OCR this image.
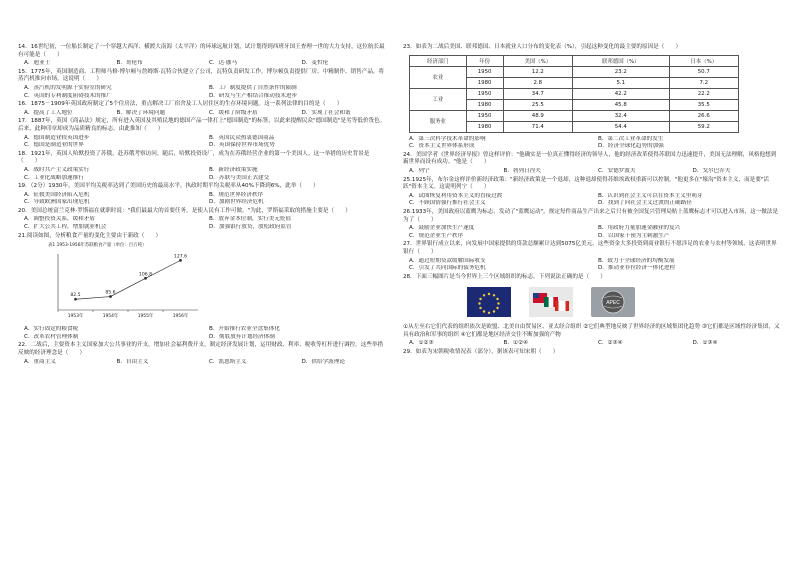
14．16世纪初，一位船长制定了一个穿越大西洋、横渡大南海（太平洋）的环球远航计划，试计划得到西班牙国王查理一世的大力支持，这位航长最有可能是（　　）
A．迪亚士	B．哥伦布	C．达·伽马	D．麦哲伦
15．1775年，英国制造商、工程师马修·博尔顿与詹姆斯·瓦特合伙建立了公司，瓦特负责研发工作，博尔顿负责提供厂房、中精制作、销售产品，将蒸汽机推向市场。这说明（　　）
A．蒸汽机的发明源于实验室的研究	B．工厂制度提供了自然条件的限制
C．英国的专利制度阻碍技术的推广	D．研发与生产相结合推动技术进步
16．1875－1909年英国政府制定了5个住房法，重点解决工厂宿舍及工人居住区的生存环境问题。这一系列法律的目的是（　　）
A．提高了工人地位	B．解决了环境问题	C．缓和了阶级矛盾	D．实现了社会和谐
17．1887年，英国《商品法》规定，所有进入英国及其殖民地的德国产品一律打上"德国制造"的标签，以此来提醒民众"德国制造"是劣等低价货色。后来，此种印章却成为品质精良的标志。由此推知（　　）
A．德国制造业较英国进步	B．英国民众热衷德国商品
C．德国是制造业的世界	D．英国保持世界市场优势
18．1921年，英国人哈默投资了苏俄，赴苏俄考察访问。随后，哈默投资设厂，成为在苏俄经营企业的第一个美国人。这一举措的历史背景是（　　）
A．战时共产主义政策实行	B．新经济政策实施
C．工业化战略加速推行	D．苏联与美国正式建交
19．（2分）1930年，美国平均关税率达到了美国历史的最高水平，执政时期平均关税率从40%下降到6%，此举（　　）
A．征救美国经济陷入危机	B．规范世界经济秩序
C．导致欧洲国家出现危机	D．加剧世界经济危机
20．美国总统富兰克林·罗斯福在就职时说："我们最最大的首要任务，是使人民有工作可做。"为此，罗斯福采取的措施主要是（　　）
A．调整投资关系，缓和矛盾	B．放弃金本位制，实行美元贬值
C．扩大公共工程，增加就业机会	D．加强银行放贷，放松政府监管
21.阅读如图，分析粮食产量的变化主要由于新政（　　）
表1 1953-1956年苏联粮食产量（单位：百万吨）
82.5
85.6
106.8
127.6
1953年	1954年	1955年	1956年
A．实行固定的粮食税	B．开始推行农业全盘集体化
C．改革农村管理体制	D．彻底放弃计划经济体制
22．二战后，主要资本主义国家加大公共事业的开支，增加社会福利费开支，制定经济发展计划，运用财政、利率、税收等杠杆进行调控。这些举措反映的经济理念是（　　）
A．重商主义	B．自由主义	C．凯恩斯主义	D．供给学派理论
23．如表为二战后美国、联邦德国、日本就业人口分布的变化表（%），引起这种变化的最主要的原因是（　　）
经济部门	年份	美国（%）	联邦德国（%）	日本（%）
农业	1950	12.2	23.2	50.7
	1980	2.8	5.1	7.2
工业	1950	34.7	42.2	22.2
	1980	25.5	45.8	35.5
服务业	1950	48.9	32.4	26.6
	1980	71.4	54.4	59.2
A．第三次科学技术革命的影响	B．第二次工业革命的发生
C．资本主义世界体系形成	D．经济全球化趋势的加强
24．美国学者《世界经济导报》曾这样评价："他确实是一位真正懂得经济的领导人，他的经济改革使得苏联国力迅速提升，美国无法理解，风格他想到霸世界而设有成功。"他是（　　）
A．列宁	B．勃列日涅夫	C．安德罗波夫	D．戈尔巴乔夫
25.1925年，布尔金这样评价新经济政策："新经济政策是一个退却，这种退却使得苏维埃政权重新可以控制。"他更多在"壕沟"资本主义，而是要"活跃"资本主义。这说明列宁（　　）
A．试图恢复利用资本主义的直接过渡	B．认识到社会主义可以在资本主义里萌芽
C．不顾国情强行推行社会主义	D．找到了向社会主义过渡的正确路径
26.1933年，美国政府以蓝鹰为标志，发动了"蓝鹰运动"，规定每件商品生产出来之后只有被全国复兴管理局贴上蓝鹰标志才可以进入市场，这一做法是为了（　　）
A．鼓励企业加快生产速度	B．用政府力量加速金融业的复兴
C．规范企业生产秩序	D．以国家干预为主刺激生产
27．世界银行成立以来，向发展中国家提供的贷款总额累计达到5075亿美元，这些资金大多投资到商业银行不愿涉足的农业与农村等领域，这表明世界银行（　　）
A．通过短期贷款缓解国际收支	B．致力于全球经济的均衡发展
C．引发了共同国际的债务危机	D．推动亚非拉经济一体化进程
28．下面三幅图片是当今世界上三个区域组织的标志，下列说法正确的是（　　）
APEC
①从左至右它们代表的组织依次是欧盟、北美自由贸易区、亚太经合组织 ②它们典型地反映了世界经济的区域集团化趋势 ③它们都是区域性经济集团，又具有政治和军事的组织 ④它们都是地区经济交往不断加强的产物
A．①②③	B．①②④	C．②③④	D．①③④
29．如表为宋朝税收情况表（部分），据该表可知宋朝（　　）
